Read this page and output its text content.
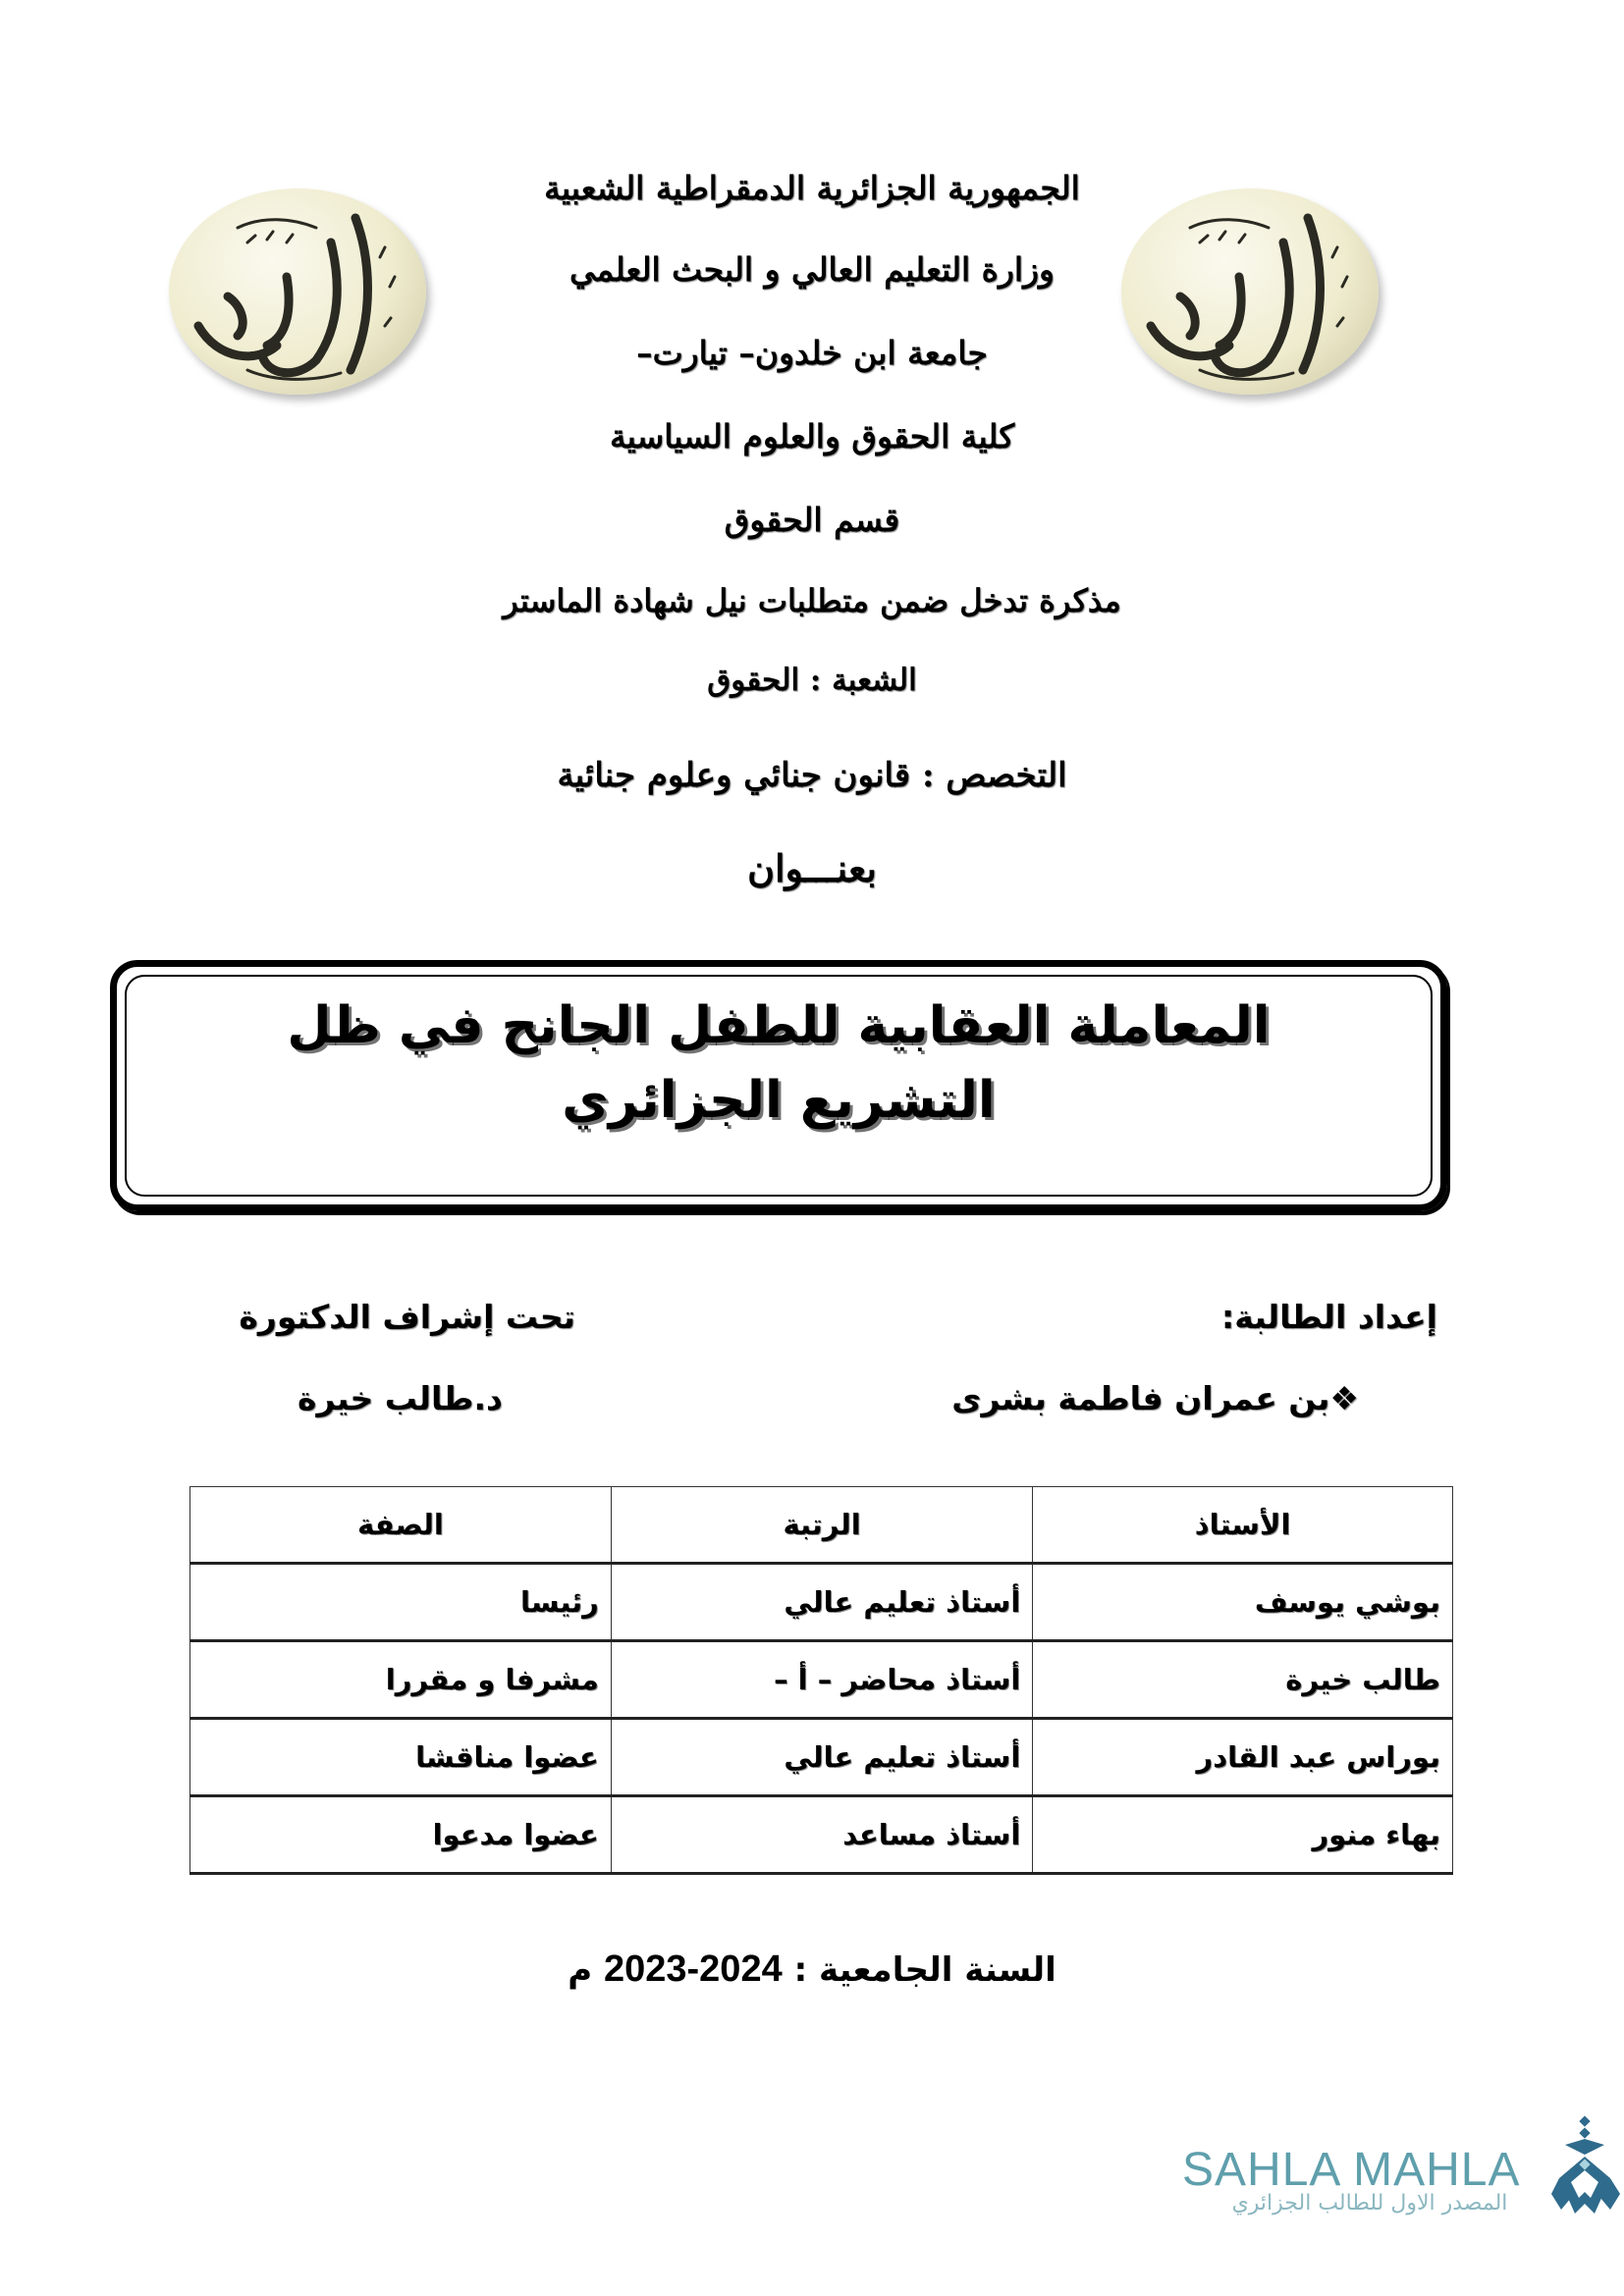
الجمهورية الجزائرية الدمقراطية الشعبية
وزارة التعليم العالي و البحث العلمي
جامعة ابن خلدون– تيارت–
كلية الحقوق والعلوم السياسية
قسم الحقوق
مذكرة تدخل ضمن متطلبات نيل شهادة الماستر
الشعبة : الحقوق
التخصص : قانون جنائي وعلوم جنائية
بعنـــوان
المعاملة العقابية للطفل الجانح في ظل التشريع الجزائري
إعداد الطالبة:
تحت إشراف الدكتورة
❖بن عمران فاطمة بشرى
د.طالب خيرة
الأستاذ	الرتبة	الصفة
بوشي يوسف	أستاذ تعليم عالي	رئيسا
طالب خيرة	أستاذ محاضر – أ –	مشرفا و مقررا
بوراس عبد القادر	أستاذ تعليم عالي	عضوا مناقشا
بهاء منور	أستاذ مساعد	عضوا مدعوا
السنة الجامعية : 2023-2024 م
SAHLA MAHLA
المصدر الاول للطالب الجزائري
